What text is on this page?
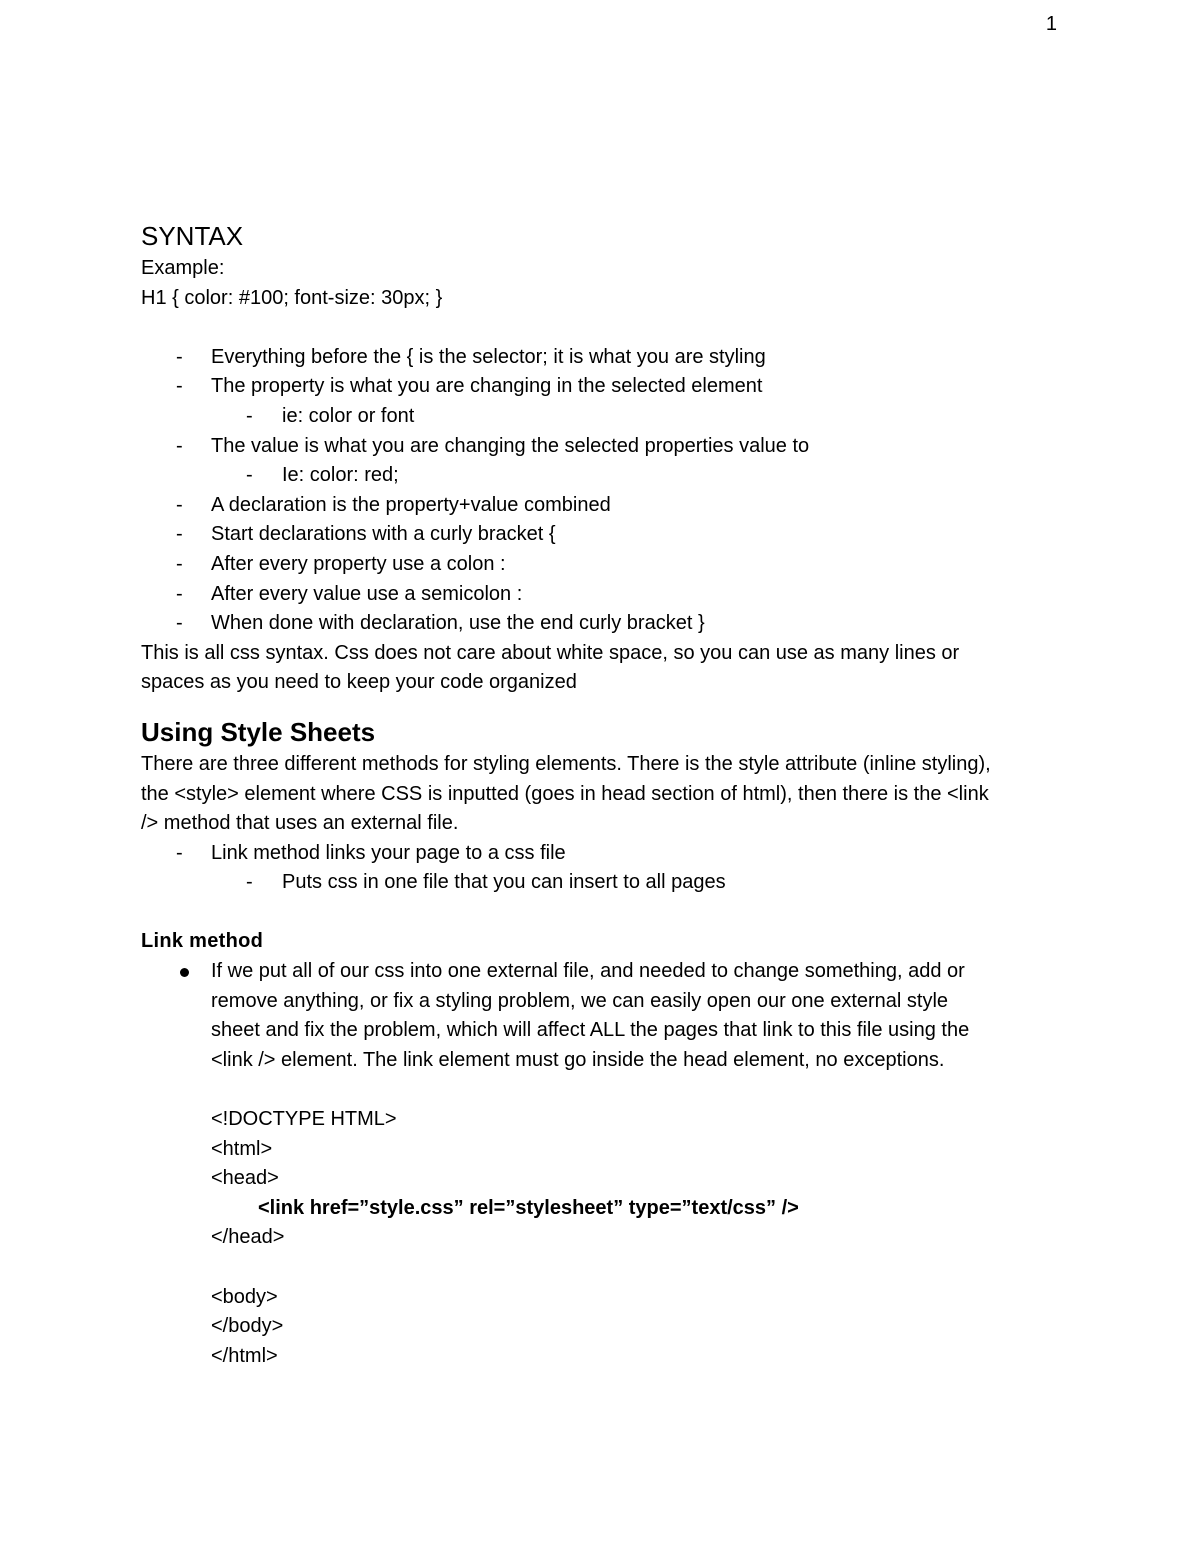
1
SYNTAX

Example:

H1 { color: #100; font-size: 30px; }

- Everything before the { is the selector; it is what you are styling
- The property is what you are changing in the selected element
- ie: color or font
- The value is what you are changing the selected properties value to
- Ie: color: red;
- A declaration is the property+value combined
- Start declarations with a curly bracket {
- After every property use a colon :
- After every value use a semicolon :
- When done with declaration, use the end curly bracket }

This is all css syntax. Css does not care about white space, so you can use as many lines or

spaces as you need to keep your code organized

Using Style Sheets

There are three different methods for styling elements. There is the style attribute (inline styling),

the <style> element where CSS is inputted (goes in head section of html), then there is the <link

/> method that uses an external file.

- Link method links your page to a css file
- Puts css in one file that you can insert to all pages
Link method
If we put all of our css into one external file, and needed to change something, add or
remove anything, or fix a styling problem, we can easily open our one external style
sheet and fix the problem, which will affect ALL the pages that link to this file using the
<link /> element. The link element must go inside the head element, no exceptions.

<!DOCTYPE HTML>

<html>

<head>

<link href=”style.css” rel=”stylesheet” type=”text/css” />

</head>

<body>

</body>

</html>
